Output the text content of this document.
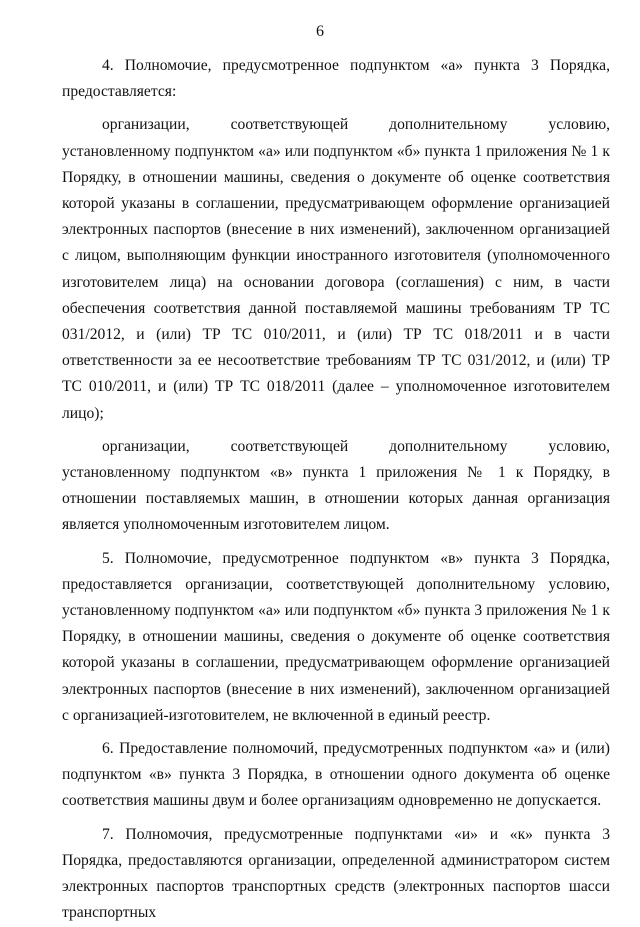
6

4. Полномочие, предусмотренное подпунктом «а» пункта 3 Порядка, предоставляется:

организации, соответствующей дополнительному условию, установленному подпунктом «а» или подпунктом «б» пункта 1 приложения № 1 к Порядку, в отношении машины, сведения о документе об оценке соответствия которой указаны в соглашении, предусматривающем оформление организацией электронных паспортов (внесение в них изменений), заключенном организацией с лицом, выполняющим функции иностранного изготовителя (уполномоченного изготовителем лица) на основании договора (соглашения) с ним, в части обеспечения соответствия данной поставляемой машины требованиям ТР ТС 031/2012, и (или) ТР ТС 010/2011, и (или) ТР ТС 018/2011 и в части ответственности за ее несоответствие требованиям ТР ТС 031/2012, и (или) ТР ТС 010/2011, и (или) ТР ТС 018/2011 (далее – уполномоченное изготовителем лицо);

организации, соответствующей дополнительному условию, установленному подпунктом «в» пункта 1 приложения № 1 к Порядку, в отношении поставляемых машин, в отношении которых данная организация является уполномоченным изготовителем лицом.

5. Полномочие, предусмотренное подпунктом «в» пункта 3 Порядка, предоставляется организации, соответствующей дополнительному условию, установленному подпунктом «а» или подпунктом «б» пункта 3 приложения № 1 к Порядку, в отношении машины, сведения о документе об оценке соответствия которой указаны в соглашении, предусматривающем оформление организацией электронных паспортов (внесение в них изменений), заключенном организацией с организацией-изготовителем, не включенной в единый реестр.

6. Предоставление полномочий, предусмотренных подпунктом «а» и (или) подпунктом «в» пункта 3 Порядка, в отношении одного документа об оценке соответствия машины двум и более организациям одновременно не допускается.

7. Полномочия, предусмотренные подпунктами «и» и «к» пункта 3 Порядка, предоставляются организации, определенной администратором систем электронных паспортов транспортных средств (электронных паспортов шасси транспортных
